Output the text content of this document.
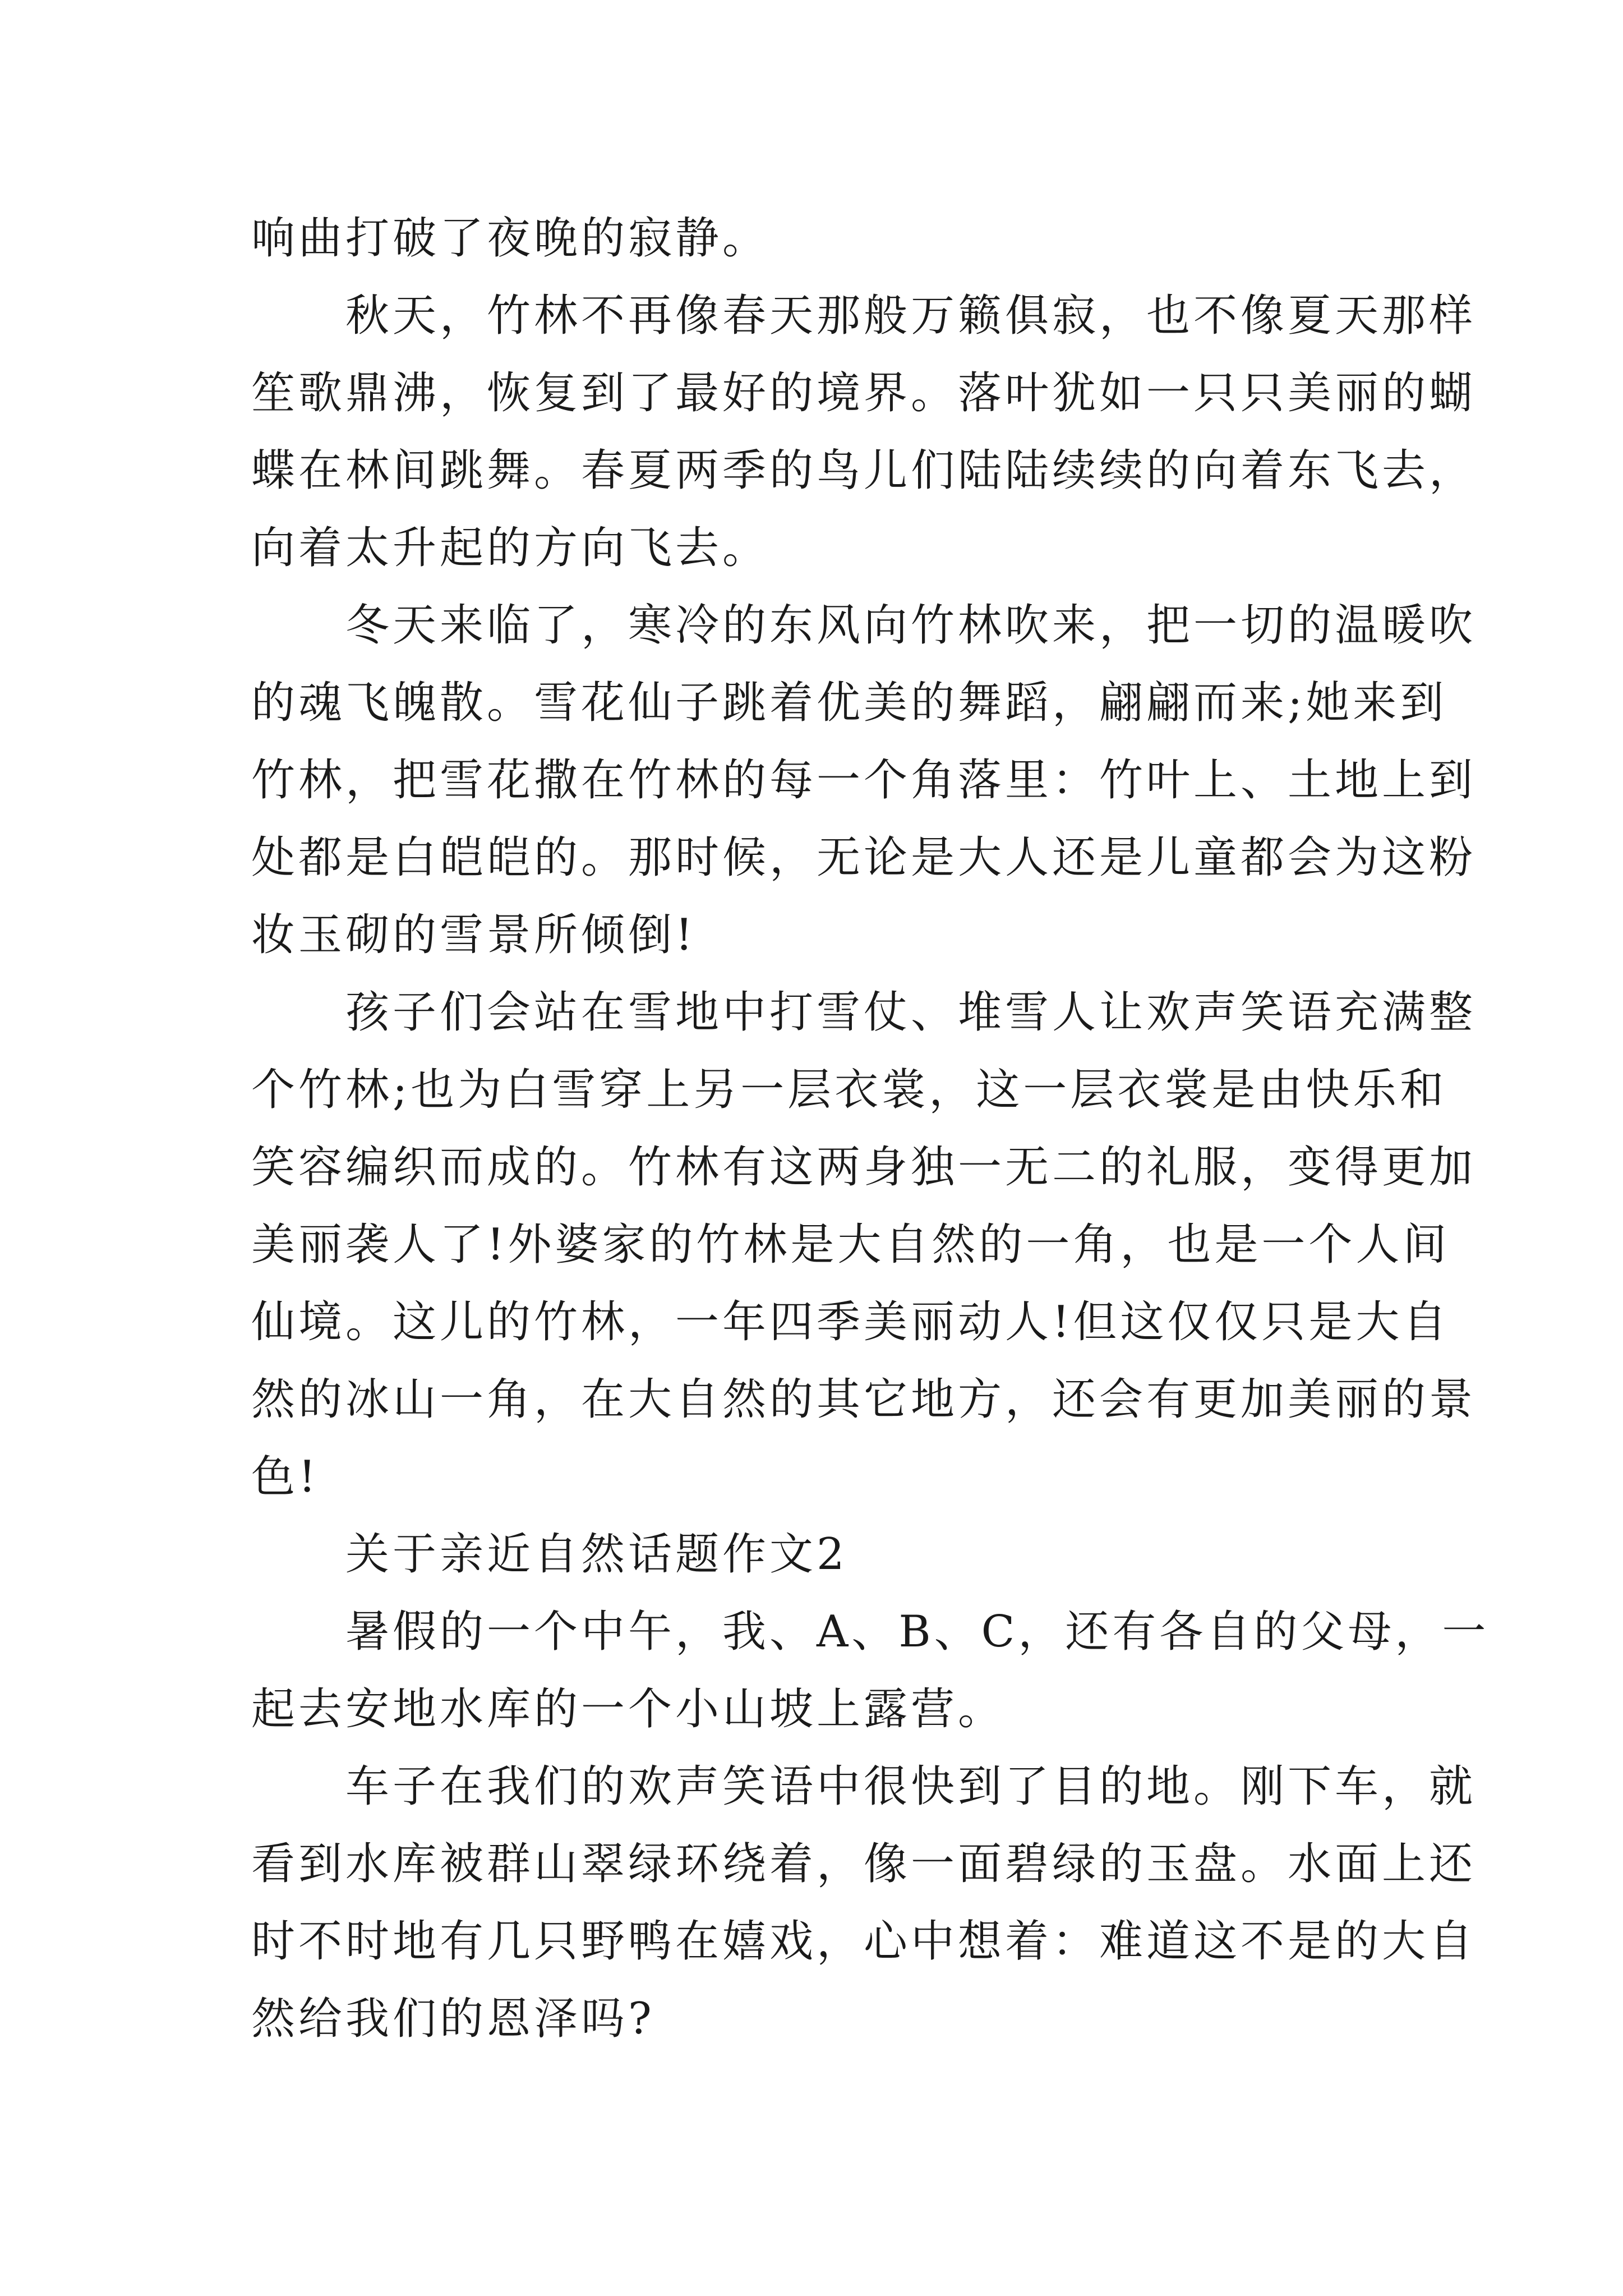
响曲打破了夜晚的寂静。

秋天，竹林不再像春天那般万籁俱寂，也不像夏天那样
笙歌鼎沸，恢复到了最好的境界。落叶犹如一只只美丽的蝴
蝶在林间跳舞。春夏两季的鸟儿们陆陆续续的向着东飞去，
向着太升起的方向飞去。

冬天来临了，寒冷的东风向竹林吹来，把一切的温暖吹
的魂飞魄散。雪花仙子跳着优美的舞蹈，翩翩而来;她来到
竹林，把雪花撒在竹林的每一个角落里：竹叶上、土地上到
处都是白皑皑的。那时候，无论是大人还是儿童都会为这粉
妆玉砌的雪景所倾倒!

孩子们会站在雪地中打雪仗、堆雪人让欢声笑语充满整
个竹林;也为白雪穿上另一层衣裳，这一层衣裳是由快乐和
笑容编织而成的。竹林有这两身独一无二的礼服，变得更加
美丽袭人了!外婆家的竹林是大自然的一角，也是一个人间
仙境。这儿的竹林，一年四季美丽动人!但这仅仅只是大自
然的冰山一角，在大自然的其它地方，还会有更加美丽的景
色!

关于亲近自然话题作文2

暑假的一个中午，我、A、B、C，还有各自的父母，一
起去安地水库的一个小山坡上露营。

车子在我们的欢声笑语中很快到了目的地。刚下车，就
看到水库被群山翠绿环绕着，像一面碧绿的玉盘。水面上还
时不时地有几只野鸭在嬉戏，心中想着：难道这不是的大自
然给我们的恩泽吗?
